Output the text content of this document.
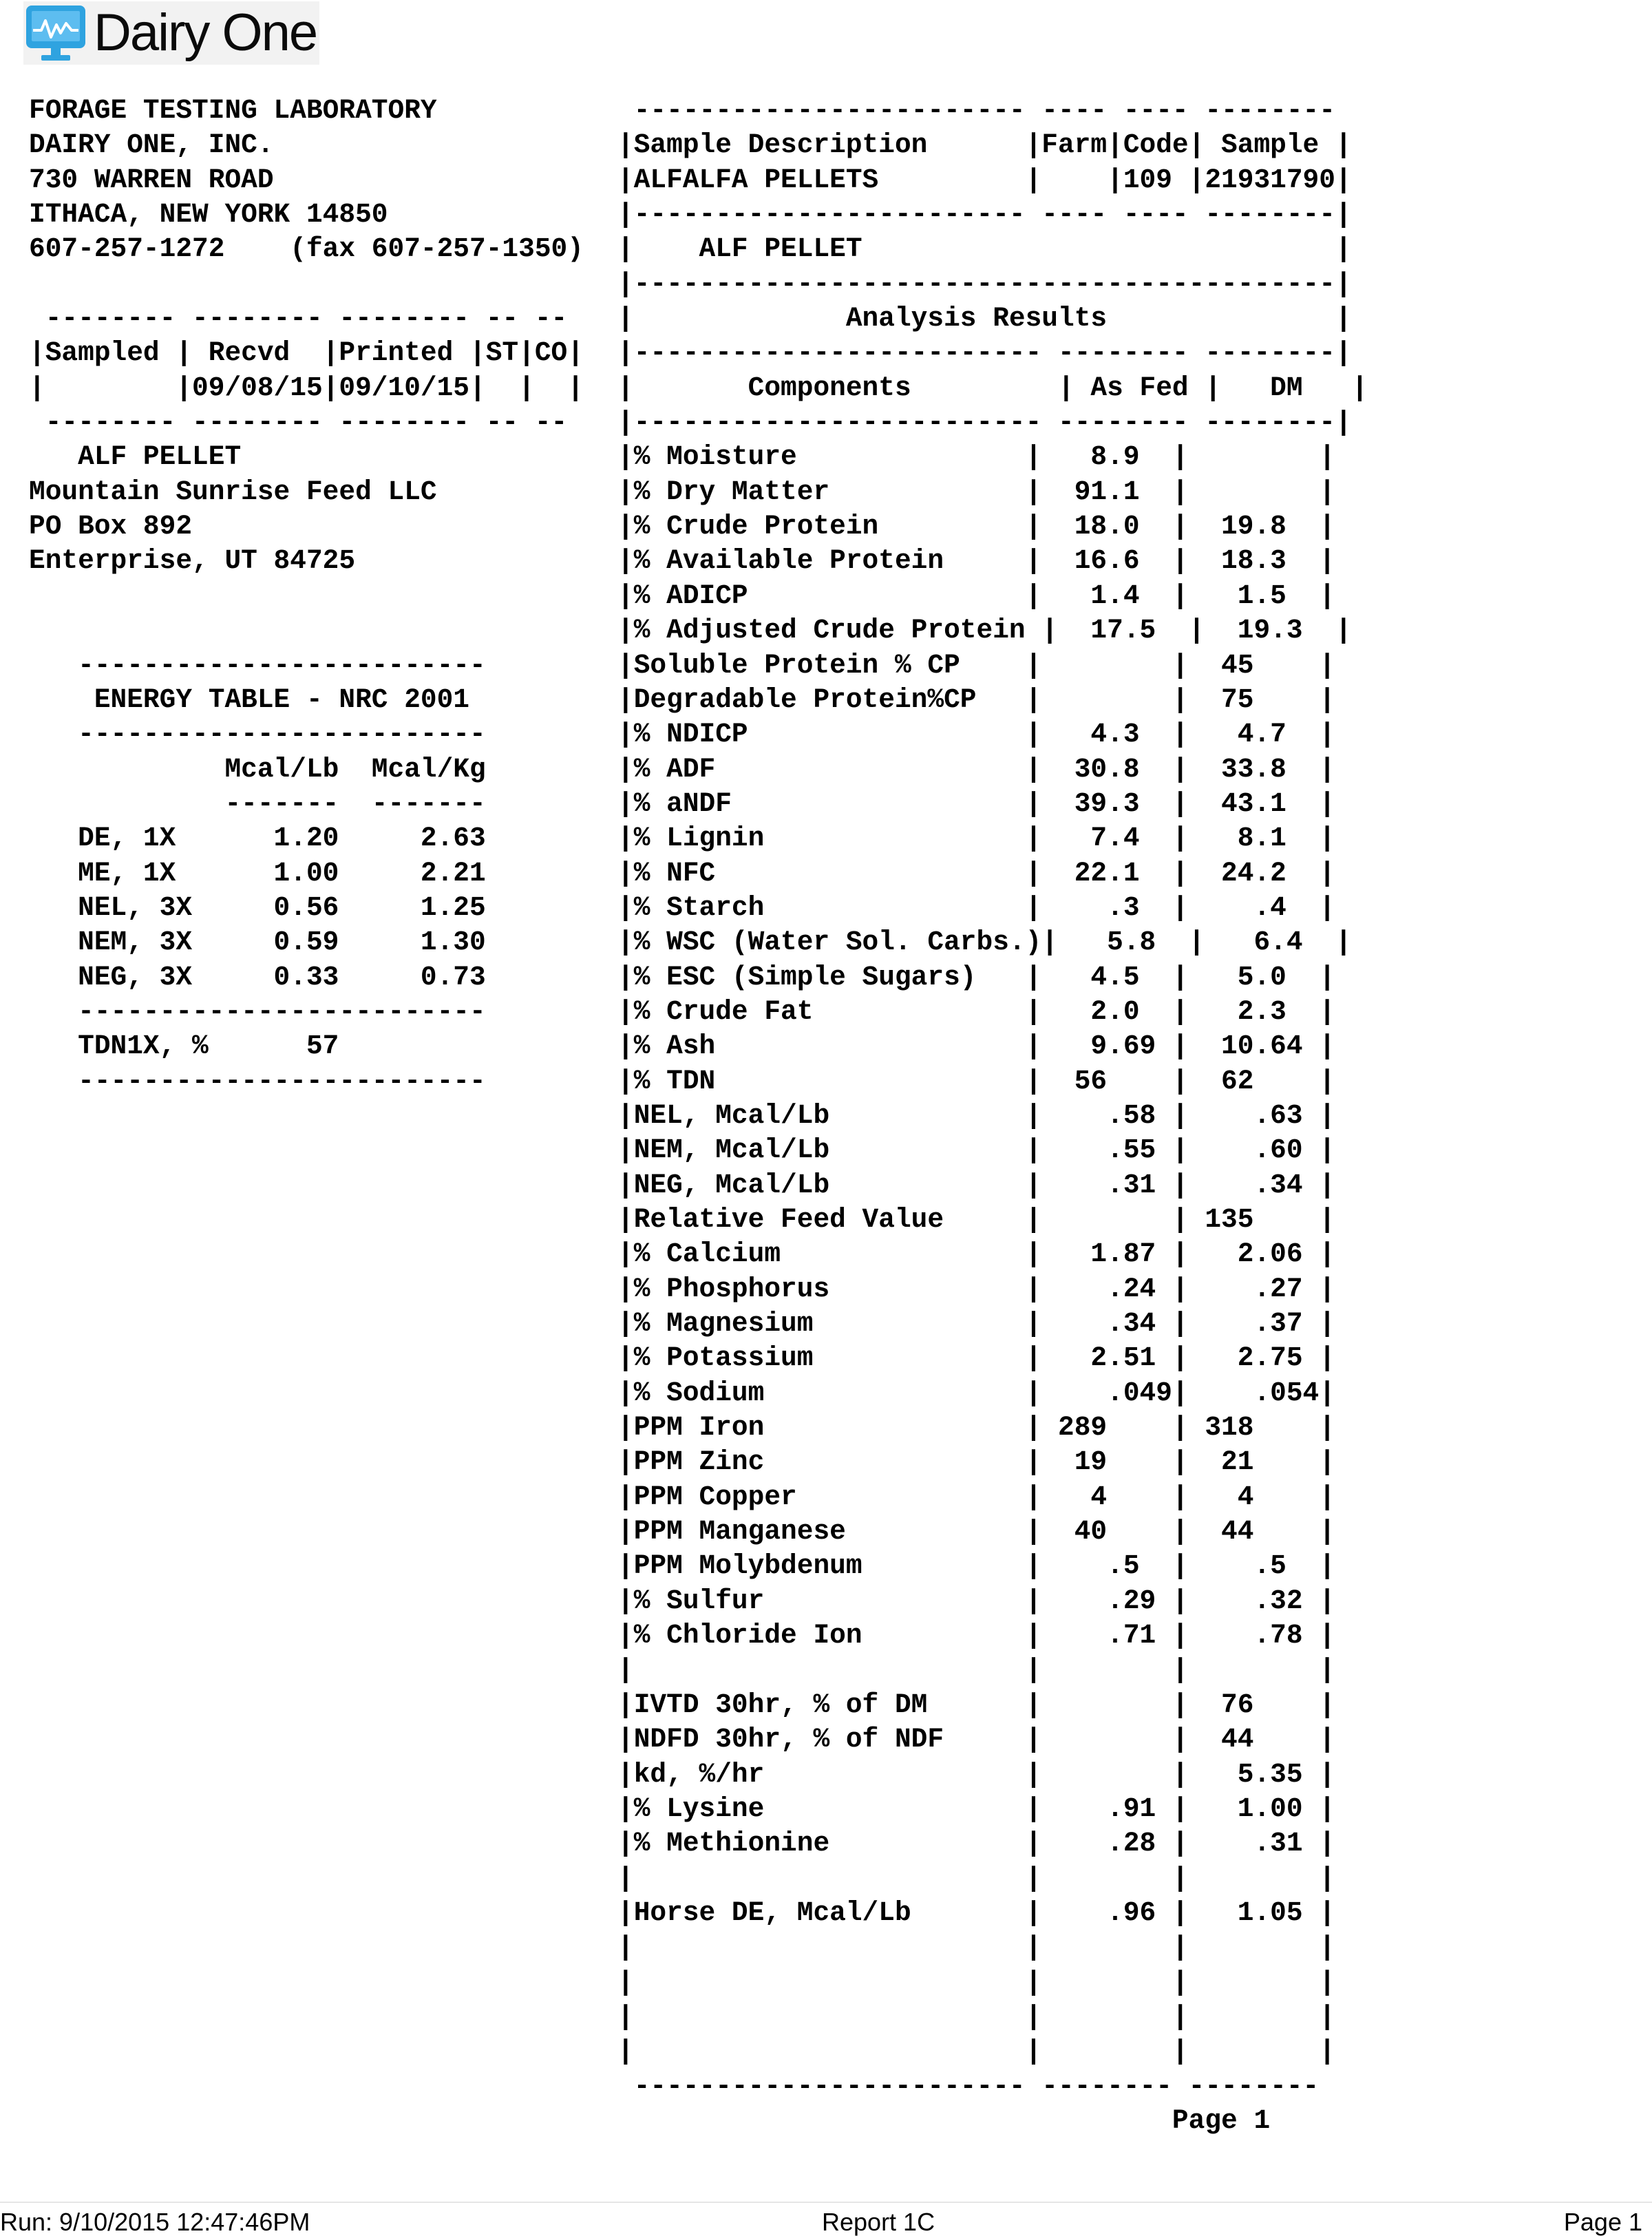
Dairy One
FORAGE TESTING LABORATORY
DAIRY ONE, INC.
730 WARREN ROAD
ITHACA, NEW YORK 14850
607-257-1272    (fax 607-257-1350)
-------- -------- -------- -- --
|Sampled | Recvd  |Printed |ST|CO|
|        |09/08/15|09/10/15|  |  |
-------- -------- -------- -- --
ALF PELLET
Mountain Sunrise Feed LLC
PO Box 892
Enterprise, UT 84725
-------------------------
ENERGY TABLE - NRC 2001
-------------------------
Mcal/Lb  Mcal/Kg
-------  -------
DE, 1X      1.20     2.63
ME, 1X      1.00     2.21
NEL, 3X     0.56     1.25
NEM, 3X     0.59     1.30
NEG, 3X     0.33     0.73
-------------------------
TDN1X, %      57
-------------------------
------------------------ ---- ---- --------
|Sample Description      |Farm|Code| Sample |
|ALFALFA PELLETS         |    |109 |21931790|
|------------------------ ---- ---- --------|
|    ALF PELLET                             |
|-------------------------------------------|
|             Analysis Results              |
|------------------------- -------- --------|
|       Components         | As Fed |   DM   |
|------------------------- -------- --------|
|% Moisture              |   8.9  |        |
|% Dry Matter            |  91.1  |        |
|% Crude Protein         |  18.0  |  19.8  |
|% Available Protein     |  16.6  |  18.3  |
|% ADICP                 |   1.4  |   1.5  |
|% Adjusted Crude Protein |  17.5  |  19.3  |
|Soluble Protein % CP    |        |  45    |
|Degradable Protein%CP   |        |  75    |
|% NDICP                 |   4.3  |   4.7  |
|% ADF                   |  30.8  |  33.8  |
|% aNDF                  |  39.3  |  43.1  |
|% Lignin                |   7.4  |   8.1  |
|% NFC                   |  22.1  |  24.2  |
|% Starch                |    .3  |    .4  |
|% WSC (Water Sol. Carbs.)|   5.8  |   6.4  |
|% ESC (Simple Sugars)   |   4.5  |   5.0  |
|% Crude Fat             |   2.0  |   2.3  |
|% Ash                   |   9.69 |  10.64 |
|% TDN                   |  56    |  62    |
|NEL, Mcal/Lb            |    .58 |    .63 |
|NEM, Mcal/Lb            |    .55 |    .60 |
|NEG, Mcal/Lb            |    .31 |    .34 |
|Relative Feed Value     |        | 135    |
|% Calcium               |   1.87 |   2.06 |
|% Phosphorus            |    .24 |    .27 |
|% Magnesium             |    .34 |    .37 |
|% Potassium             |   2.51 |   2.75 |
|% Sodium                |    .049|    .054|
|PPM Iron                | 289    | 318    |
|PPM Zinc                |  19    |  21    |
|PPM Copper              |   4    |   4    |
|PPM Manganese           |  40    |  44    |
|PPM Molybdenum          |    .5  |    .5  |
|% Sulfur                |    .29 |    .32 |
|% Chloride Ion          |    .71 |    .78 |
|                        |        |        |
|IVTD 30hr, % of DM      |        |  76    |
|NDFD 30hr, % of NDF     |        |  44    |
|kd, %/hr                |        |   5.35 |
|% Lysine                |    .91 |   1.00 |
|% Methionine            |    .28 |    .31 |
|                        |        |        |
|Horse DE, Mcal/Lb       |    .96 |   1.05 |
|                        |        |        |
|                        |        |        |
|                        |        |        |
|                        |        |        |
------------------------ -------- --------
Page 1
Run: 9/10/2015 12:47:46PM	Report 1C	Page 1
